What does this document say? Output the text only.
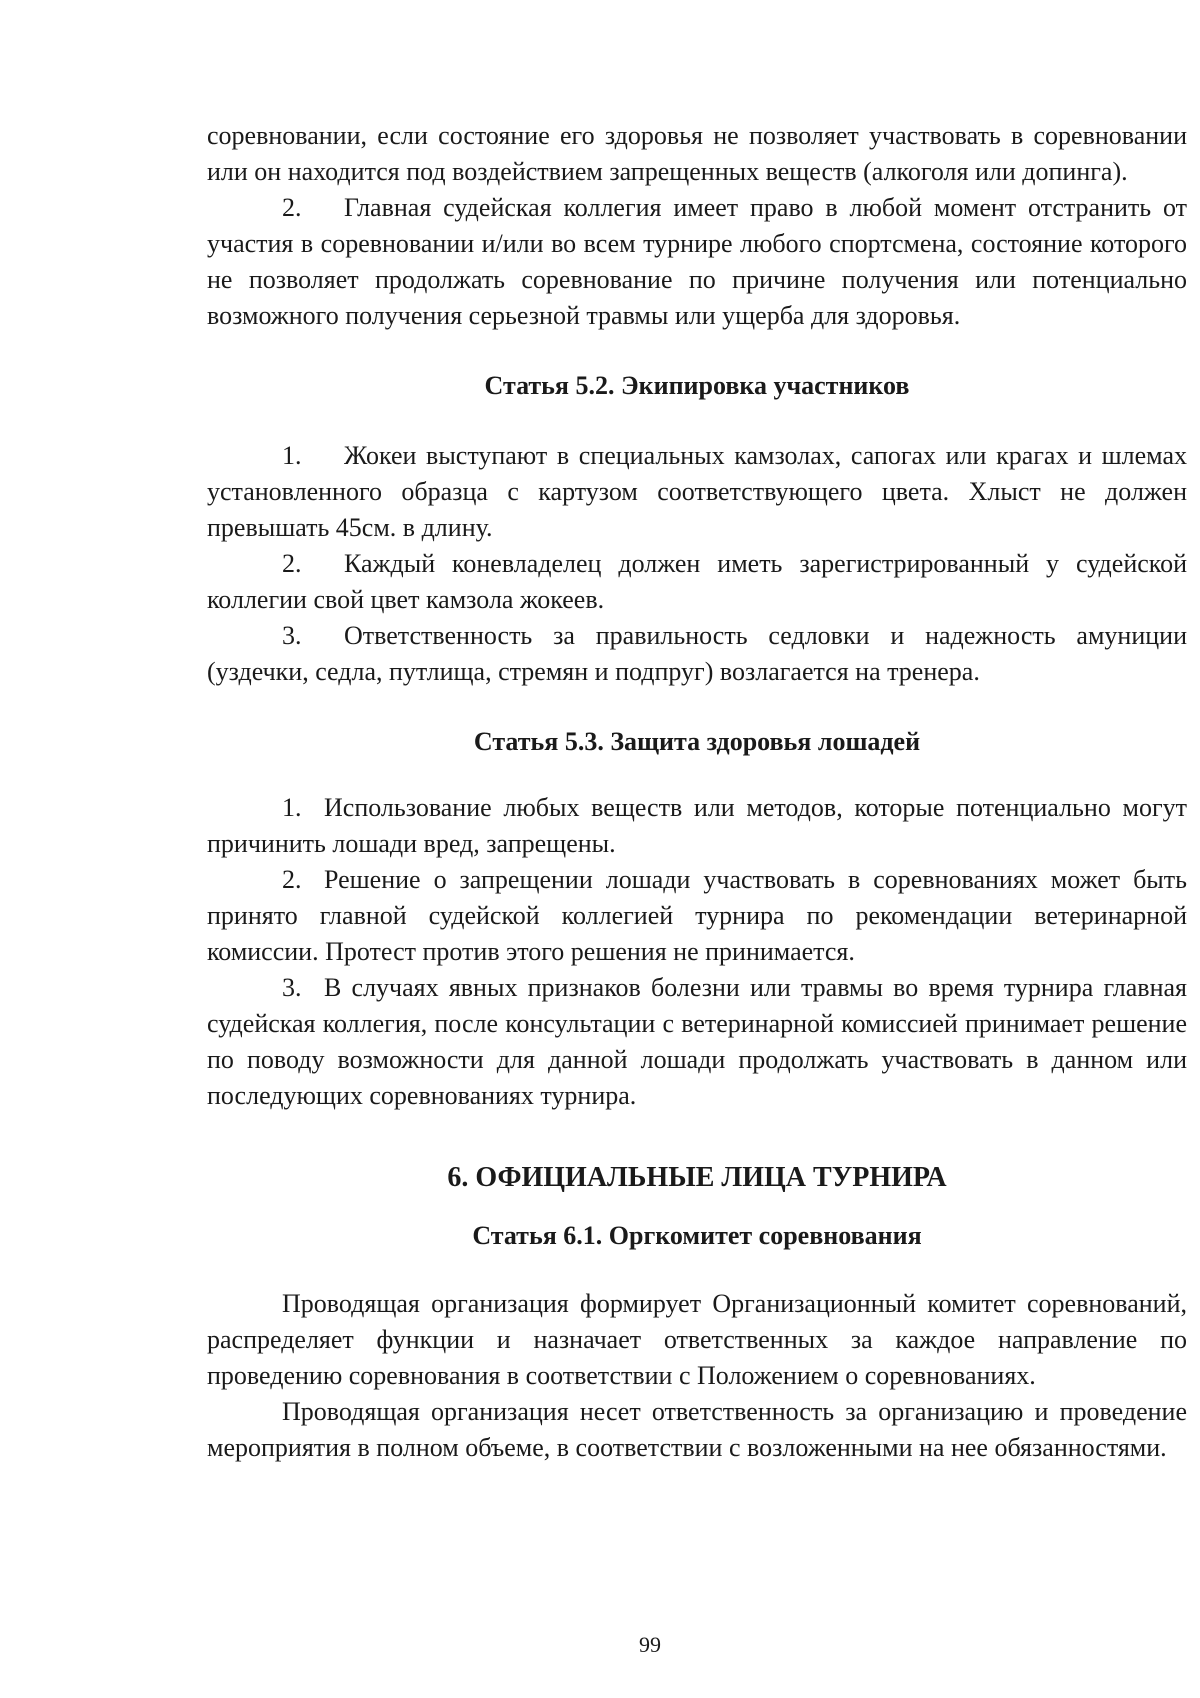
соревновании, если состояние его здоровья не позволяет участвовать в соревновании или он находится под воздействием запрещенных веществ (алкоголя или допинга).

2. Главная судейская коллегия имеет право в любой момент отстранить от участия в соревновании и/или во всем турнире любого спортсмена, состояние которого не позволяет продолжать соревнование по причине получения или потенциально возможного получения серьезной травмы или ущерба для здоровья.

Статья 5.2. Экипировка участников

1. Жокеи выступают в специальных камзолах, сапогах или крагах и шлемах установленного образца с картузом соответствующего цвета. Хлыст не должен превышать 45см. в длину.

2. Каждый коневладелец должен иметь зарегистрированный у судейской коллегии свой цвет камзола жокеев.

3. Ответственность за правильность седловки и надежность амуниции (уздечки, седла, путлища, стремян и подпруг) возлагается на тренера.

Статья 5.3. Защита здоровья лошадей

1. Использование любых веществ или методов, которые потенциально могут причинить лошади вред, запрещены.

2. Решение о запрещении лошади участвовать в соревнованиях может быть принято главной судейской коллегией турнира по рекомендации ветеринарной комиссии. Протест против этого решения не принимается.

3. В случаях явных признаков болезни или травмы во время турнира главная судейская коллегия, после консультации с ветеринарной комиссией принимает решение по поводу возможности для данной лошади продолжать участвовать в данном или последующих соревнованиях турнира.

6. ОФИЦИАЛЬНЫЕ ЛИЦА ТУРНИРА
Статья 6.1. Оргкомитет соревнования

Проводящая организация формирует Организационный комитет соревнований, распределяет функции и назначает ответственных за каждое направление по проведению соревнования в соответствии с Положением о соревнованиях.

Проводящая организация несет ответственность за организацию и проведение мероприятия в полном объеме, в соответствии с возложенными на нее обязанностями.

99
